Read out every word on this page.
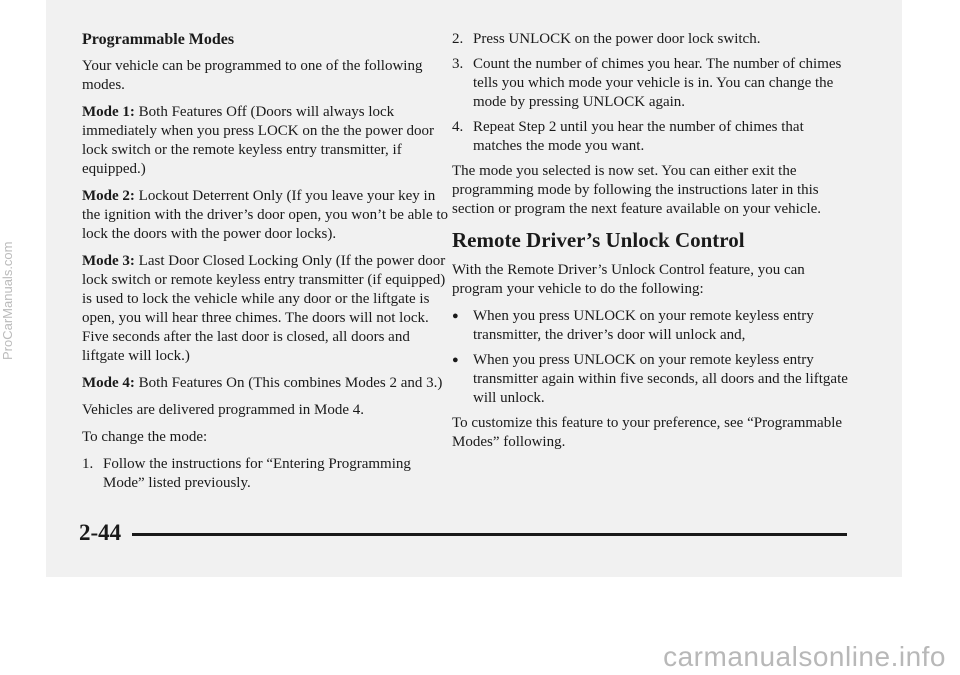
ProCarManuals.com
Programmable Modes

Your vehicle can be programmed to one of the following modes.

Mode 1: Both Features Off (Doors will always lock immediately when you press LOCK on the the power door lock switch or the remote keyless entry transmitter, if equipped.)

Mode 2: Lockout Deterrent Only (If you leave your key in the ignition with the driver’s door open, you won’t be able to lock the doors with the power door locks).

Mode 3: Last Door Closed Locking Only (If the power door lock switch or remote keyless entry transmitter (if equipped) is used to lock the vehicle while any door or the liftgate is open, you will hear three chimes. The doors will not lock. Five seconds after the last door is closed, all doors and liftgate will lock.)

Mode 4: Both Features On (This combines Modes 2 and 3.)

Vehicles are delivered programmed in Mode 4.

To change the mode:

1. Follow the instructions for “Entering Programming Mode” listed previously.
2. Press UNLOCK on the power door lock switch.
3. Count the number of chimes you hear. The number of chimes tells you which mode your vehicle is in. You can change the mode by pressing UNLOCK again.
4. Repeat Step 2 until you hear the number of chimes that matches the mode you want.

The mode you selected is now set. You can either exit the programming mode by following the instructions later in this section or program the next feature available on your vehicle.

Remote Driver’s Unlock Control

With the Remote Driver’s Unlock Control feature, you can program your vehicle to do the following:

● When you press UNLOCK on your remote keyless entry transmitter, the driver’s door will unlock and,
● When you press UNLOCK on your remote keyless entry transmitter again within five seconds, all doors and the liftgate will unlock.

To customize this feature to your preference, see “Programmable Modes” following.

2-44
carmanualsonline.info
